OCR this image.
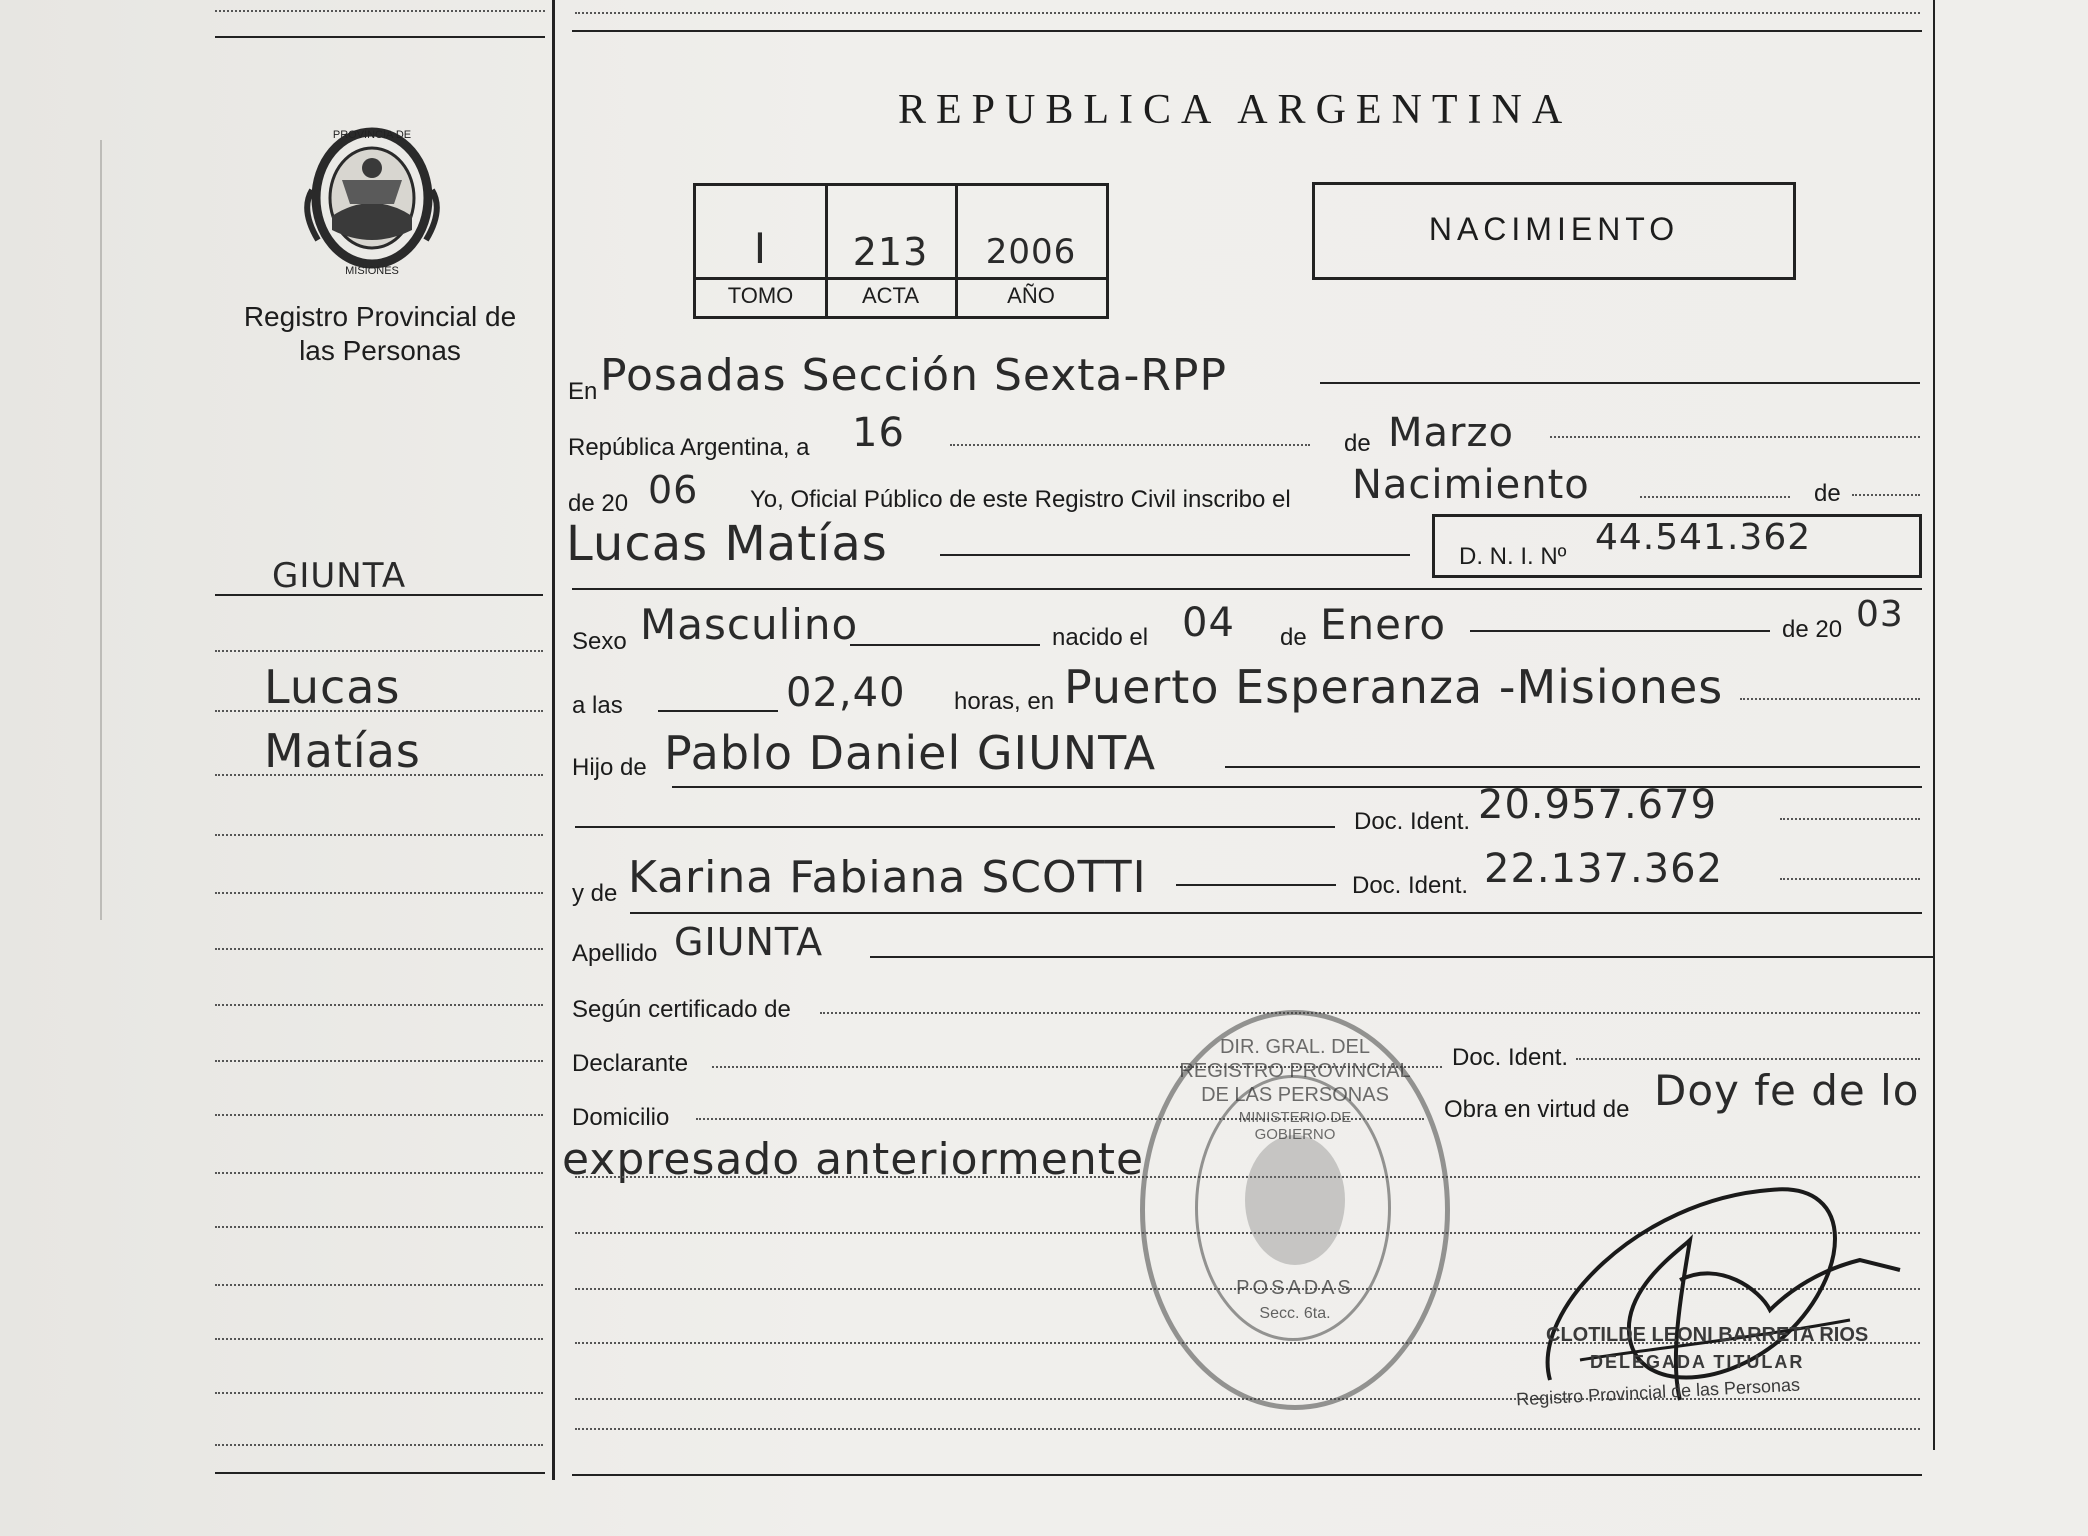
PROVINCIA DE
MISIONES
Registro Provincial de las Personas
REPUBLICA ARGENTINA
I	213	2006
TOMO	ACTA	AÑO
NACIMIENTO
GIUNTA
Lucas
Matías
En Posadas Sección Sexta-RPP
República Argentina, a 16	de Marzo
de 20 06 Yo, Oficial Público de este Registro Civil inscribo el Nacimiento	de
Lucas Matías	D. N. I. Nº 44.541.362
Sexo Masculino	nacido el 04 de Enero	de 20 03
a las	02,40 horas, en Puerto Esperanza -Misiones
Hijo de Pablo Daniel GIUNTA
Doc. Ident. 20.957.679
y de Karina Fabiana SCOTTI	Doc. Ident. 22.137.362
Apellido GIUNTA
Según certificado de
Declarante	Doc. Ident.
Domicilio	Obra en virtud de Doy fe de lo
expresado anteriormente
DIR. GRAL. DEL REGISTRO PROVINCIAL DE LAS PERSONAS
MINISTERIO DE GOBIERNO
POSADAS
Secc. 6ta.
CLOTILDE LEONI BARRETA RIOS
DELEGADA TITULAR
Registro Provincial de las Personas
